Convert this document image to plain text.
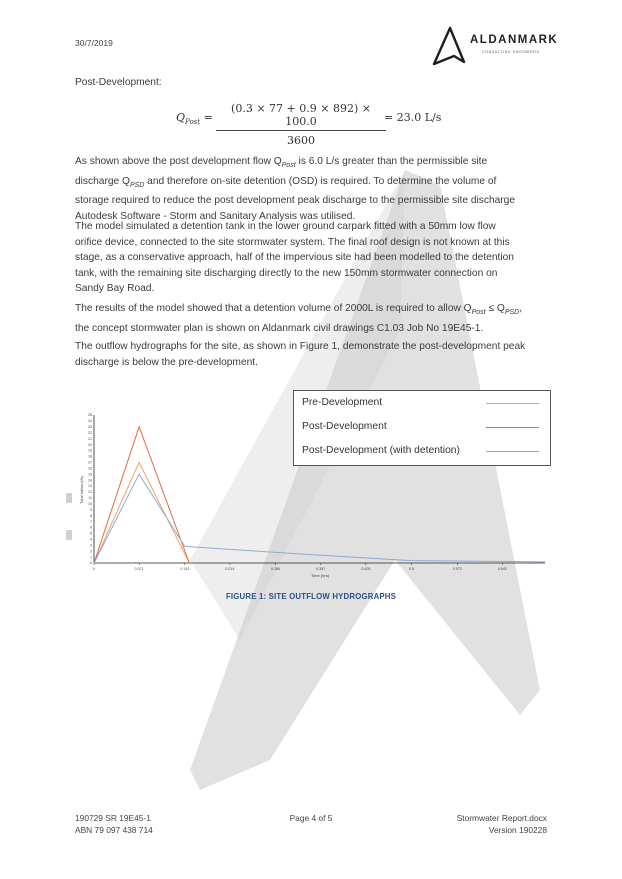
30/7/2019	ALDANMARK
CONSULTING ENGINEERS
Post-Development:
$Q_{Post} = \frac{(0.3 \times 77 + 0.9 \times 892) \times 100.0}{3600}$
= 23.0 L/s

As shown above the post development flow $Q_{Post}$ is 6.0 L/s greater than the permissible site

discharge $Q_{PSD}$ and therefore on-site detention (OSD) is required. To determine the volume of

storage required to reduce the post development peak discharge to the permissible site discharge

Autodesk Software - Storm and Sanitary Analysis was utilised.

The model simulated a detention tank in the lower ground carpark fitted with a 50mm low flow

orifice device, connected to the site stormwater system. The final roof design is not known at this

stage, as a conservative approach, half of the impervious site had been modelled to the detention

tank, with the remaining site discharging directly to the new 150mm stormwater connection on

Sandy Bay Road.

The results of the model showed that a detention volume of 2000L is required to allow $Q_{Post} \le Q_{PSD}$,

the concept stormwater plan is shown on Aldanmark civil drawings C1.03 Job No 19E45-1.

The outflow hydrographs for the site, as shown in Figure 1, demonstrate the post-development peak

discharge is below the pre-development.

0
1
2
3
4
5
6
7
8
9
10
11
12
13
14
15
16
17
18
19
20
21
22
23
24
25
0	0.071	0.143	0.214	0.286	0.357	0.428	0.5	0.572	0.643
Total Inflow (l/s)
Time (hrs)
Pre-Development
Post-Development
Post-Development (with detention)
FIGURE 1: SITE OUTFLOW HYDROGRAPHS
190729 SR 19E45-1
ABN 79 097 438 714
Page 4 of 5	Stormwater Report.docx
Version 190228
